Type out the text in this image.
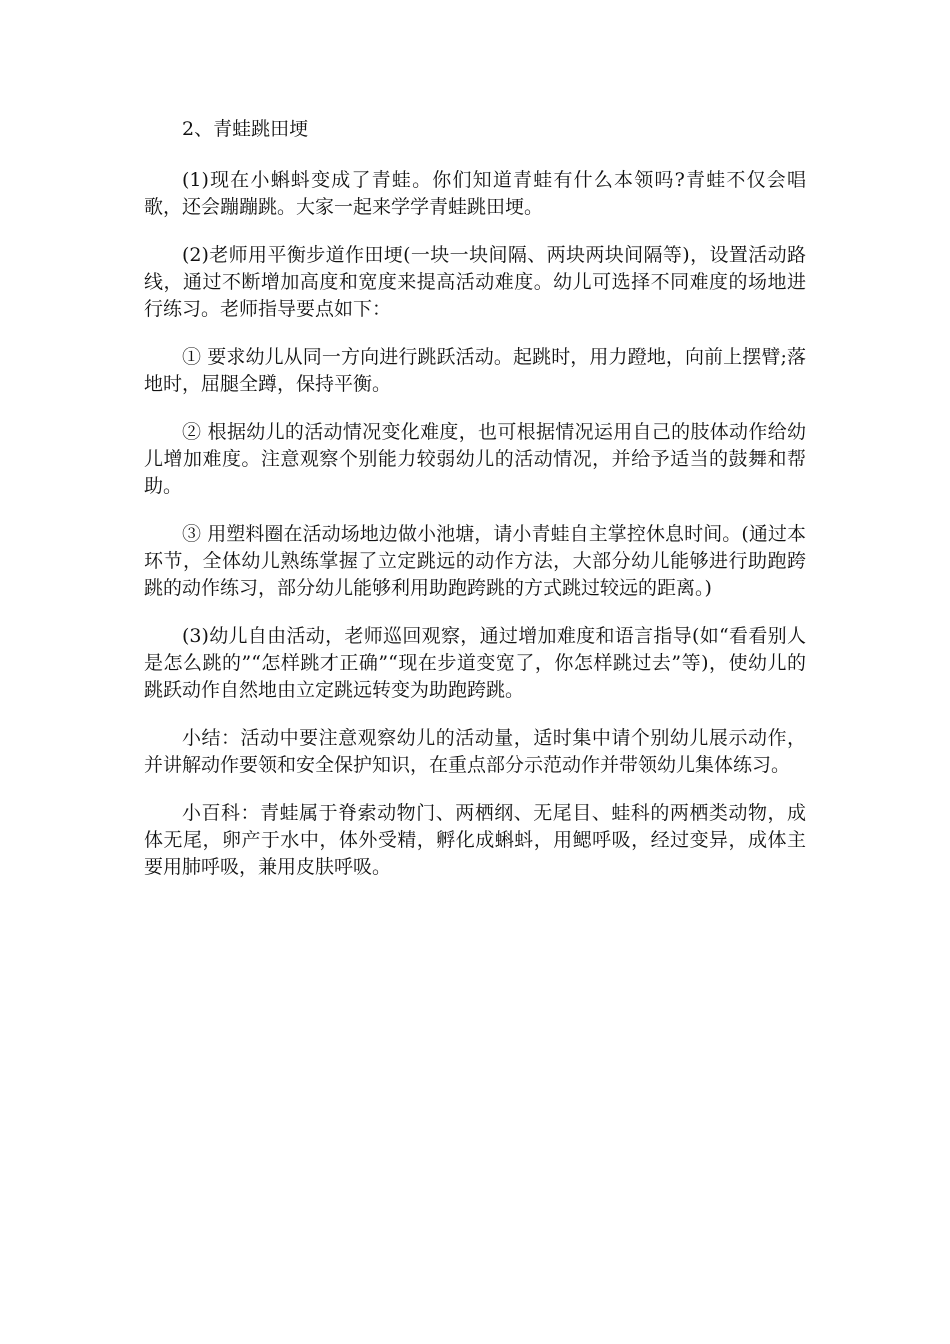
2、青蛙跳田埂

(1)现在小蝌蚪变成了青蛙。你们知道青蛙有什么本领吗?青蛙不仅会唱歌，还会蹦蹦跳。大家一起来学学青蛙跳田埂。

(2)老师用平衡步道作田埂(一块一块间隔、两块两块间隔等)，设置活动路线，通过不断增加高度和宽度来提高活动难度。幼儿可选择不同难度的场地进行练习。老师指导要点如下：

① 要求幼儿从同一方向进行跳跃活动。起跳时，用力蹬地，向前上摆臂;落地时，屈腿全蹲，保持平衡。

② 根据幼儿的活动情况变化难度，也可根据情况运用自己的肢体动作给幼儿增加难度。注意观察个别能力较弱幼儿的活动情况，并给予适当的鼓舞和帮助。

③ 用塑料圈在活动场地边做小池塘，请小青蛙自主掌控休息时间。(通过本环节，全体幼儿熟练掌握了立定跳远的动作方法，大部分幼儿能够进行助跑跨跳的动作练习，部分幼儿能够利用助跑跨跳的方式跳过较远的距离。)

(3)幼儿自由活动，老师巡回观察，通过增加难度和语言指导(如“看看别人是怎么跳的”“怎样跳才正确”“现在步道变宽了，你怎样跳过去”等)，使幼儿的跳跃动作自然地由立定跳远转变为助跑跨跳。

小结：活动中要注意观察幼儿的活动量，适时集中请个别幼儿展示动作，并讲解动作要领和安全保护知识，在重点部分示范动作并带领幼儿集体练习。

小百科：青蛙属于脊索动物门、两栖纲、无尾目、蛙科的两栖类动物，成体无尾，卵产于水中，体外受精，孵化成蝌蚪，用鳃呼吸，经过变异，成体主要用肺呼吸，兼用皮肤呼吸。
